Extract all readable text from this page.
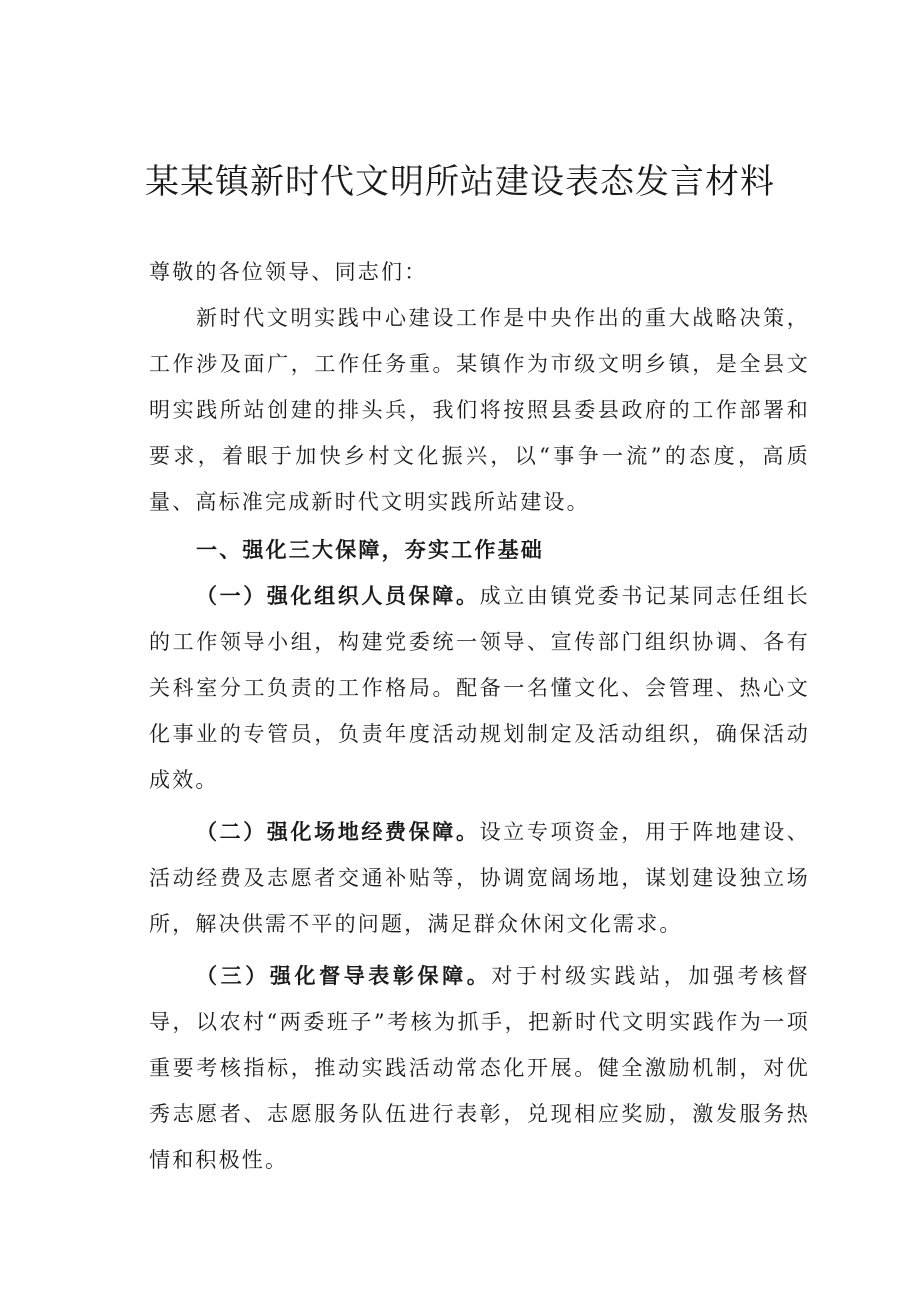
某某镇新时代文明所站建设表态发言材料

尊敬的各位领导、同志们：

新时代文明实践中心建设工作是中央作出的重大战略决策，工作涉及面广，工作任务重。某镇作为市级文明乡镇，是全县文明实践所站创建的排头兵，我们将按照县委县政府的工作部署和要求，着眼于加快乡村文化振兴，以“事争一流”的态度，高质量、高标准完成新时代文明实践所站建设。

一、强化三大保障，夯实工作基础

（一）强化组织人员保障。成立由镇党委书记某同志任组长的工作领导小组，构建党委统一领导、宣传部门组织协调、各有关科室分工负责的工作格局。配备一名懂文化、会管理、热心文化事业的专管员，负责年度活动规划制定及活动组织，确保活动成效。

（二）强化场地经费保障。设立专项资金，用于阵地建设、活动经费及志愿者交通补贴等，协调宽阔场地，谋划建设独立场所，解决供需不平的问题，满足群众休闲文化需求。

（三）强化督导表彰保障。对于村级实践站，加强考核督导，以农村“两委班子”考核为抓手，把新时代文明实践作为一项重要考核指标，推动实践活动常态化开展。健全激励机制，对优秀志愿者、志愿服务队伍进行表彰，兑现相应奖励，激发服务热情和积极性。
